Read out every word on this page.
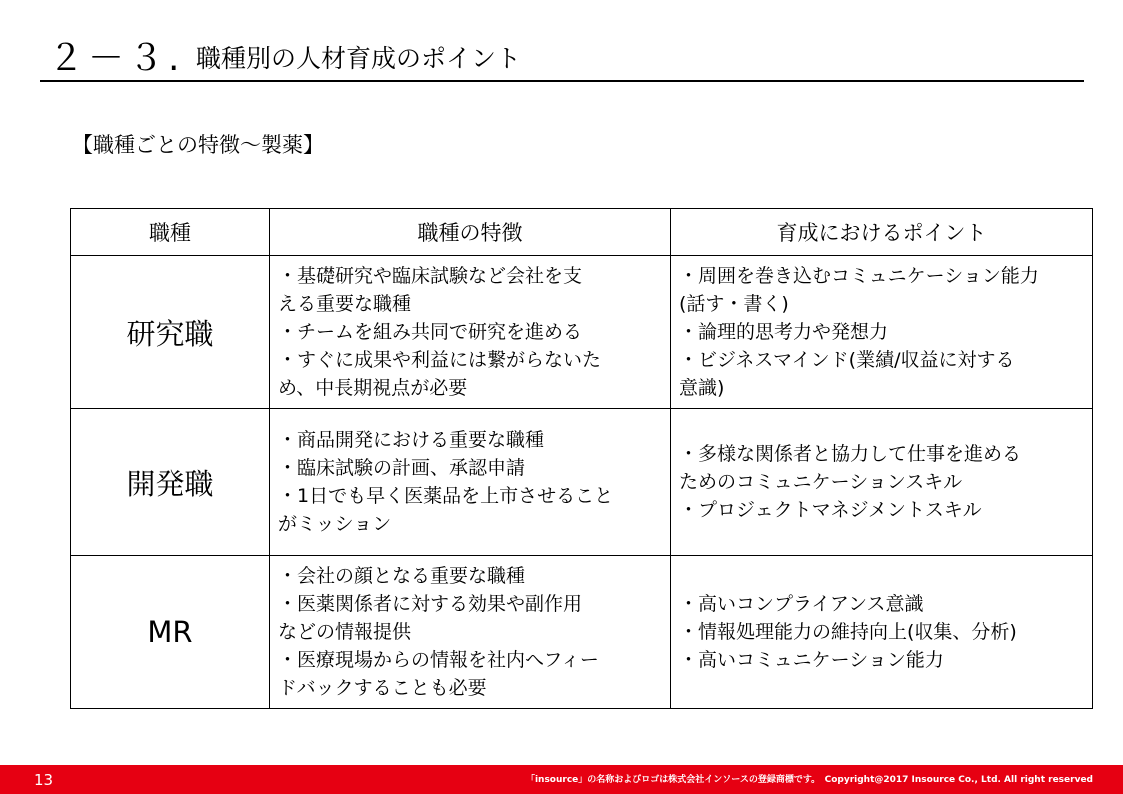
２－３. 職種別の人材育成のポイント
【職種ごとの特徴～製薬】
職種	職種の特徴	育成におけるポイント
研究職	・基礎研究や臨床試験など会社を支
える重要な職種
・チームを組み共同で研究を進める
・すぐに成果や利益には繋がらないた
め、中長期視点が必要	・周囲を巻き込むコミュニケーション能力
(話す・書く)
・論理的思考力や発想力
・ビジネスマインド(業績/収益に対する
意識)

開発職	・商品開発における重要な職種
・臨床試験の計画、承認申請
・1日でも早く医薬品を上市させること
がミッション	・多様な関係者と協力して仕事を進める
ためのコミュニケーションスキル
・プロジェクトマネジメントスキル

MR	・会社の顔となる重要な職種
・医薬関係者に対する効果や副作用
などの情報提供
・医療現場からの情報を社内へフィー
ドバックすることも必要	・高いコンプライアンス意識
・情報処理能力の維持向上(収集、分析)
・高いコミュニケーション能力
13	「insource」の名称およびロゴは株式会社インソースの登録商標です。　Copyright@2017 Insource Co., Ltd. All right reserved
